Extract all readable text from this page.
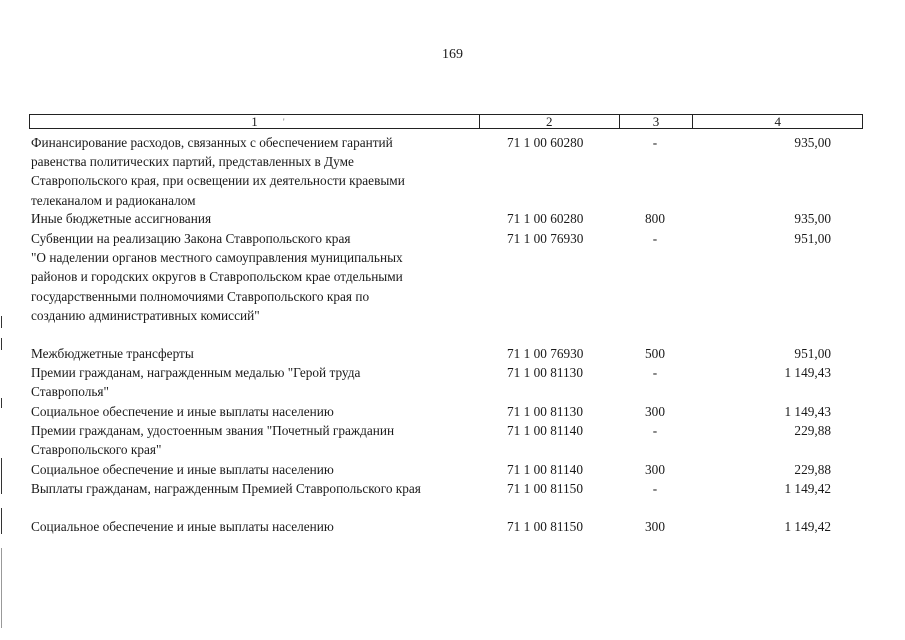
169
'
1	2	3	4
Финансирование расходов, связанных с обеспечением гарантий
равенства политических партий, представленных в Думе
Ставропольского края, при освещении их деятельности краевыми
телеканалом и радиоканалом
71 1 00 60280	-	935,00
Иные бюджетные ассигнования	71 1 00 60280	800	935,00
Субвенции на реализацию Закона Ставропольского края
"О наделении органов местного самоуправления муниципальных
районов и городских округов в Ставропольском крае отдельными
государственными полномочиями Ставропольского края по
созданию административных комиссий"
71 1 00 76930	-	951,00
Межбюджетные трансферты	71 1 00 76930	500	951,00
Премии гражданам, награжденным медалью "Герой труда
Ставрополья"
71 1 00 81130	-	1 149,43
Социальное обеспечение и иные выплаты населению	71 1 00 81130	300	1 149,43
Премии гражданам, удостоенным звания "Почетный гражданин
Ставропольского края"
71 1 00 81140	-	229,88
Социальное обеспечение и иные выплаты населению	71 1 00 81140	300	229,88
Выплаты гражданам, награжденным Премией Ставропольского края	71 1 00 81150	-	1 149,42
Социальное обеспечение и иные выплаты населению	71 1 00 81150	300	1 149,42
